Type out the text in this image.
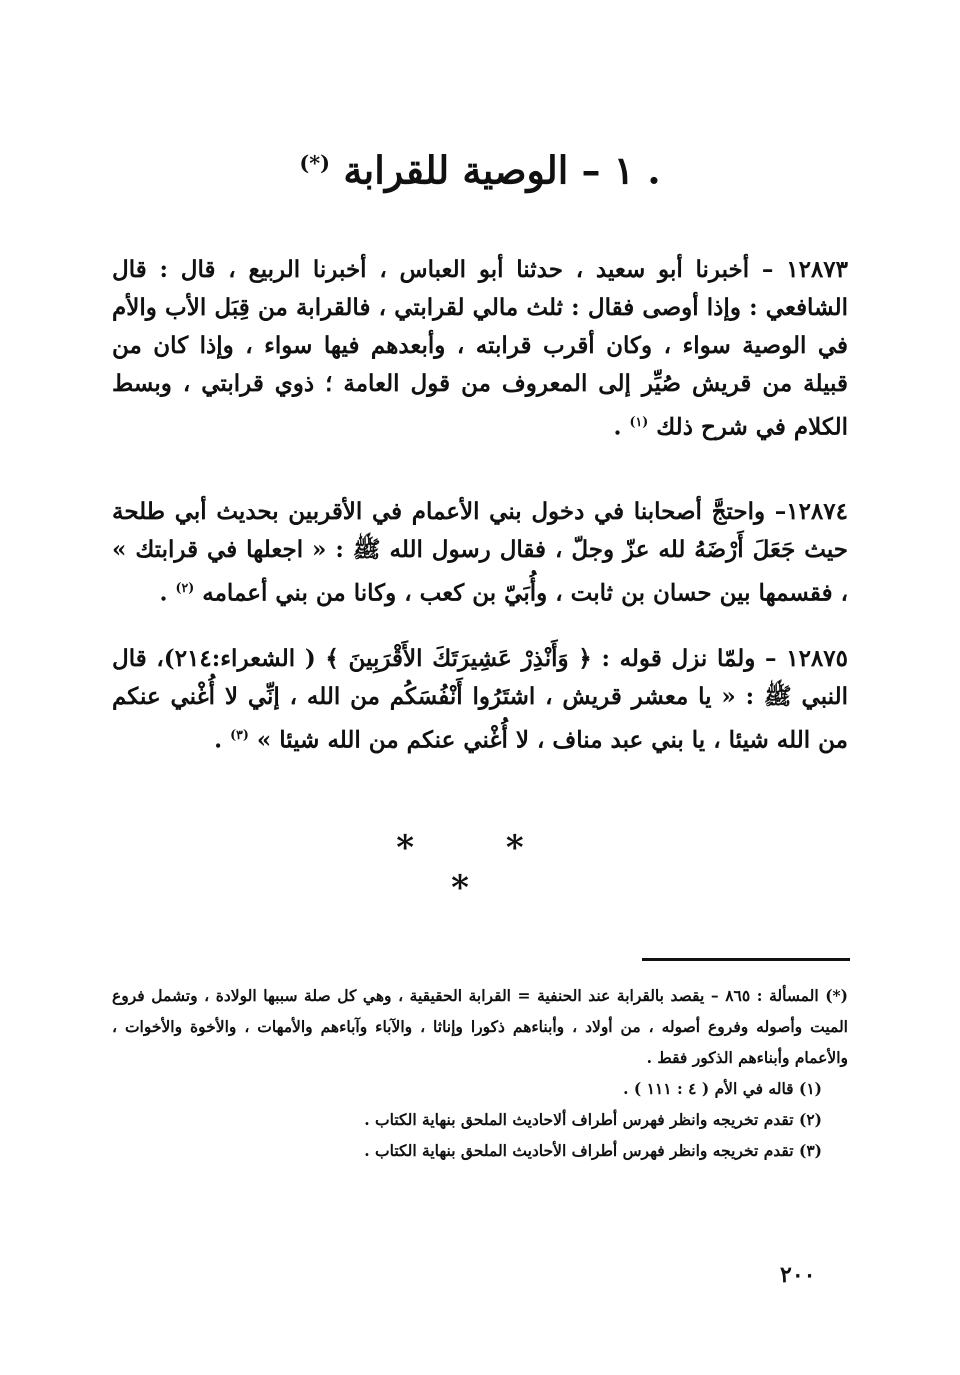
. ١ – الوصية للقرابة (*)

١٢٨٧٣ – أخبرنا أبو سعيد ، حدثنا أبو العباس ، أخبرنا الربيع ، قال : قال الشافعي : وإذا أوصى فقال : ثلث مالي لقرابتي ، فالقرابة من قِبَل الأب والأم في الوصية سواء ، وكان أقرب قرابته ، وأبعدهم فيها سواء ، وإذا كان من قبيلة من قريش صُيِّر إلى المعروف من قول العامة ؛ ذوي قرابتي ، وبسط الكلام في شرح ذلك $^{(١)}$ .

١٢٨٧٤– واحتجَّ أصحابنا في دخول بني الأعمام في الأقربين بحديث أبي طلحة حيث جَعَلَ أَرْضَهُ لله عزّ وجلّ ، فقال رسول الله ﷺ : « اجعلها في قرابتك » ، فقسمها بين حسان بن ثابت ، وأُبَيّ بن كعب ، وكانا من بني أعمامه $^{(٢)}$ .

١٢٨٧٥ – ولمّا نزل قوله : ﴿ وَأَنْذِرْ عَشِيرَتَكَ الأَقْرَبِينَ ﴾ ( الشعراء:٢١٤)، قال النبي ﷺ : « يا معشر قريش ، اشتَرُوا أَنْفُسَكُم من الله ، إنِّي لا أُغْني عنكم من الله شيئا ، يا بني عبد مناف ، لا أُغْني عنكم من الله شيئا » $^{(٣)}$ .

* * *

(*) المسألة : ٨٦٥ – يقصد بالقرابة عند الحنفية = القرابة الحقيقية ، وهي كل صلة سببها الولادة ، وتشمل فروع الميت وأصوله وفروع أصوله ، من أولاد ، وأبناءهم ذكورا وإناثا ، والآباء وآباءهم والأمهات ، والأخوة والأخوات ، والأعمام وأبناءهم الذكور فقط .

(١) قاله في الأم ( ٤ : ١١١ ) .

(٢) تقدم تخريجه وانظر فهرس أطراف ألاحاديث الملحق بنهاية الكتاب .

(٣) تقدم تخريجه وانظر فهرس أطراف الأحاديث الملحق بنهاية الكتاب .

٢٠٠
